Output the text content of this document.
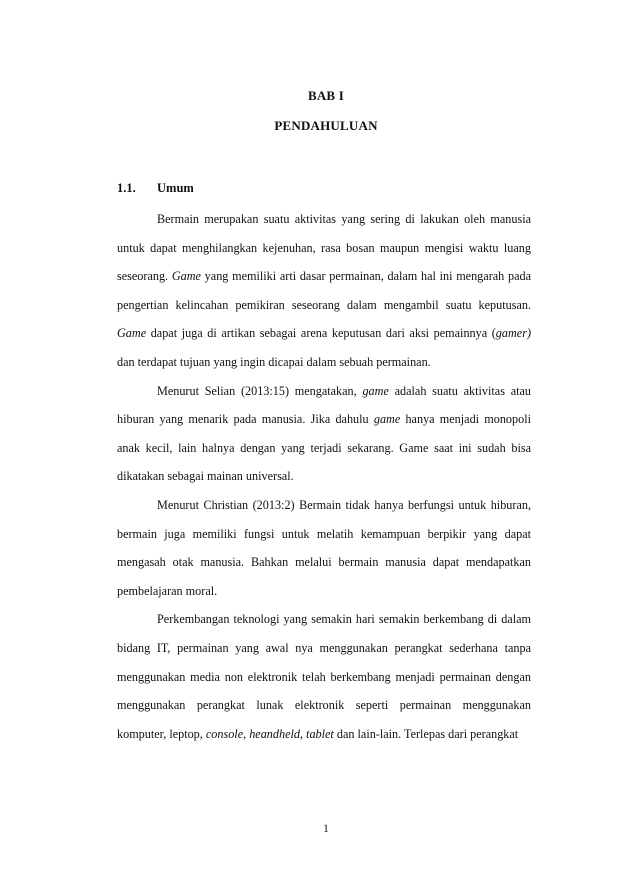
BAB I
PENDAHULUAN
1.1. Umum

Bermain merupakan suatu aktivitas yang sering di lakukan oleh manusia untuk dapat menghilangkan kejenuhan, rasa bosan maupun mengisi waktu luang seseorang. Game yang memiliki arti dasar permainan, dalam hal ini mengarah pada pengertian kelincahan pemikiran seseorang dalam mengambil suatu keputusan. Game dapat juga di artikan sebagai arena keputusan dari aksi pemainnya (gamer) dan terdapat tujuan yang ingin dicapai dalam sebuah permainan.

Menurut Selian (2013:15) mengatakan, game adalah suatu aktivitas atau hiburan yang menarik pada manusia. Jika dahulu game hanya menjadi monopoli anak kecil, lain halnya dengan yang terjadi sekarang. Game saat ini sudah bisa dikatakan sebagai mainan universal.

Menurut Christian (2013:2) Bermain tidak hanya berfungsi untuk hiburan, bermain juga memiliki fungsi untuk melatih kemampuan berpikir yang dapat mengasah otak manusia. Bahkan melalui bermain manusia dapat mendapatkan pembelajaran moral.

Perkembangan teknologi yang semakin hari semakin berkembang di dalam bidang IT, permainan yang awal nya menggunakan perangkat sederhana tanpa menggunakan media non elektronik telah berkembang menjadi permainan dengan menggunakan perangkat lunak elektronik seperti permainan menggunakan komputer, leptop, console, heandheld, tablet dan lain-lain. Terlepas dari perangkat

1
